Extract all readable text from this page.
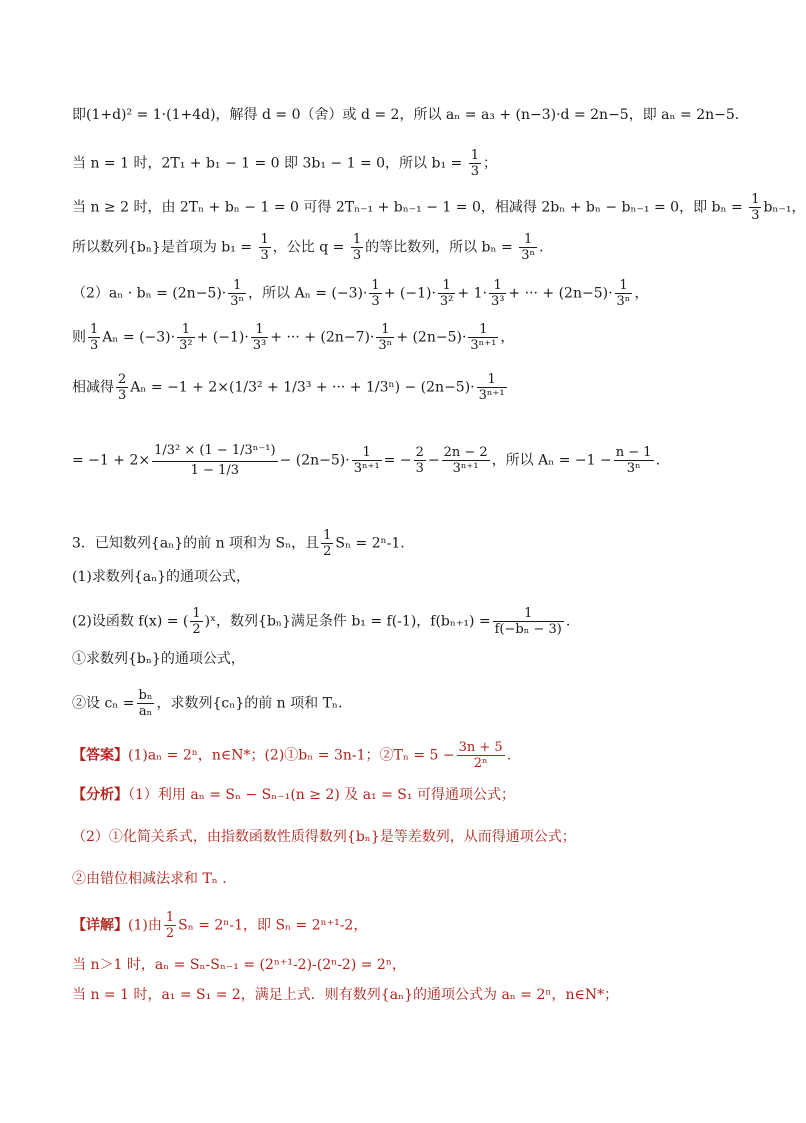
即(1+d)² = 1·(1+4d)，解得 d = 0（舍）或 d = 2，所以 aₙ = a₃ + (n−3)·d = 2n−5，即 aₙ = 2n−5.
当 n = 1 时，2T₁ + b₁ − 1 = 0 即 3b₁ − 1 = 0，所以 $b_1 = \frac{1}{3}$ ；
当 n ≥ 2 时，由 2Tₙ + bₙ − 1 = 0 可得 2Tₙ₋₁ + bₙ₋₁ − 1 = 0，相减得 2bₙ + bₙ − bₙ₋₁ = 0，即 $b_n = \frac{1}{3} b_{n-1}$，
所以数列{bₙ}是首项为 $b_1 = \frac{1}{3}$ ，公比 $q = \frac{1}{3}$ 的等比数列，所以 $b_n = \frac{1}{\text{3ⁿ}}$ .
$(2)a_n \cdot b_n = (2n-5)\cdot \frac{1}{\text{3ⁿ}}$ ，所以 $A_n = (-3)\cdot \frac{1}{3} + (-1)\cdot \frac{1}{\text{3²}} + 1\cdot \frac{1}{\text{3³}}$ + ··· + $(2n-5)\cdot \frac{1}{\text{3ⁿ}}$ ，
则 $\frac{1}{3}$ $A_n = (-3)\cdot \frac{1}{\text{3²}} + (-1)\cdot \frac{1}{\text{3³}}$ + ··· + $(2n-7)\cdot \frac{1}{\text{3ⁿ}} + (2n-5)\cdot \frac{1}{\text{3ⁿ⁺¹}}$ ，
相减得 $\frac{2}{3}$ Aₙ = −1 + 2×(1/3² + 1/3³ + ··· + $1/3^n) - (2n-5)\cdot \frac{1}{\text{3ⁿ⁺¹}}$
= $-1 + 2\times \frac{\text{1/3² × (1 − 1/3ⁿ⁻¹)}}{1 - 1/3} - (2n-5)\cdot \frac{1}{\text{3ⁿ⁺¹}}$ = − $\frac{2}{3} - \frac{2n - 2}{\text{3ⁿ⁺¹}}$ ，所以 $A_n = -1 - \frac{n - 1}{\text{3ⁿ}}$ .
3．已知数列{aₙ}的前 n 项和为 Sₙ，且 $\frac{1}{2}$ Sₙ = 2ⁿ-1.
(1)求数列{aₙ}的通项公式，
(2)设函数 f(x) = ( $\frac{1}{2}$ )ˣ，数列{bₙ}满足条件 b₁ = f(-1)，$f(b_{n+1}) = \frac{1}{\text{f(−bₙ − 3)}}$ .
①求数列{bₙ}的通项公式，
②设 $c_n = \frac{\text{bₙ}}{\text{aₙ}}$ ，求数列{cₙ}的前 n 项和 Tₙ.
【答案】(1)aₙ = 2ⁿ，n∈N*；(2)①bₙ = 3n-1；②Tₙ = $5 - \frac{3n + 5}{\text{2ⁿ}}$ .
【分析】（1）利用 aₙ = Sₙ − Sₙ₋₁(n ≥ 2) 及 a₁ = S₁ 可得通项公式；
（2）①化简关系式，由指数函数性质得数列{bₙ}是等差数列，从而得通项公式；
②由错位相减法求和 Tₙ .
【详解】(1)由 $\frac{1}{2}$ Sₙ = 2ⁿ-1，即 Sₙ = 2ⁿ⁺¹-2，
当 n＞1 时，aₙ = Sₙ-Sₙ₋₁ = (2ⁿ⁺¹-2)-(2ⁿ-2) = 2ⁿ，
当 n = 1 时，a₁ = S₁ = 2，满足上式．则有数列{aₙ}的通项公式为 aₙ = 2ⁿ，n∈N*；
